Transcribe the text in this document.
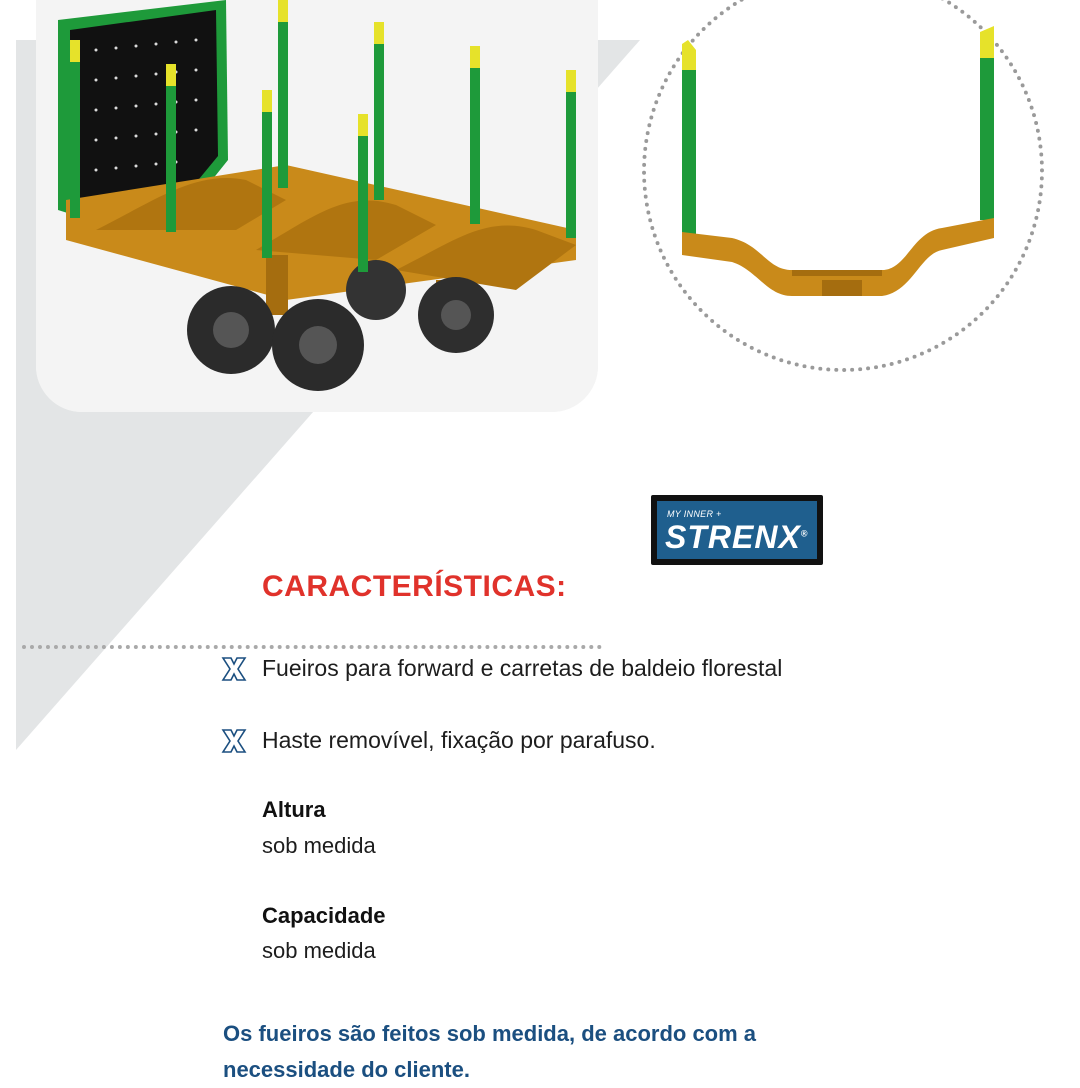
MY INNER +
STRENX®
CARACTERÍSTICAS:
Fueiros para forward e carretas de baldeio florestal
Haste removível, fixação por parafuso.
Altura
sob medida
Capacidade
sob medida
Os fueiros são feitos sob medida, de acordo com a necessidade do cliente.
